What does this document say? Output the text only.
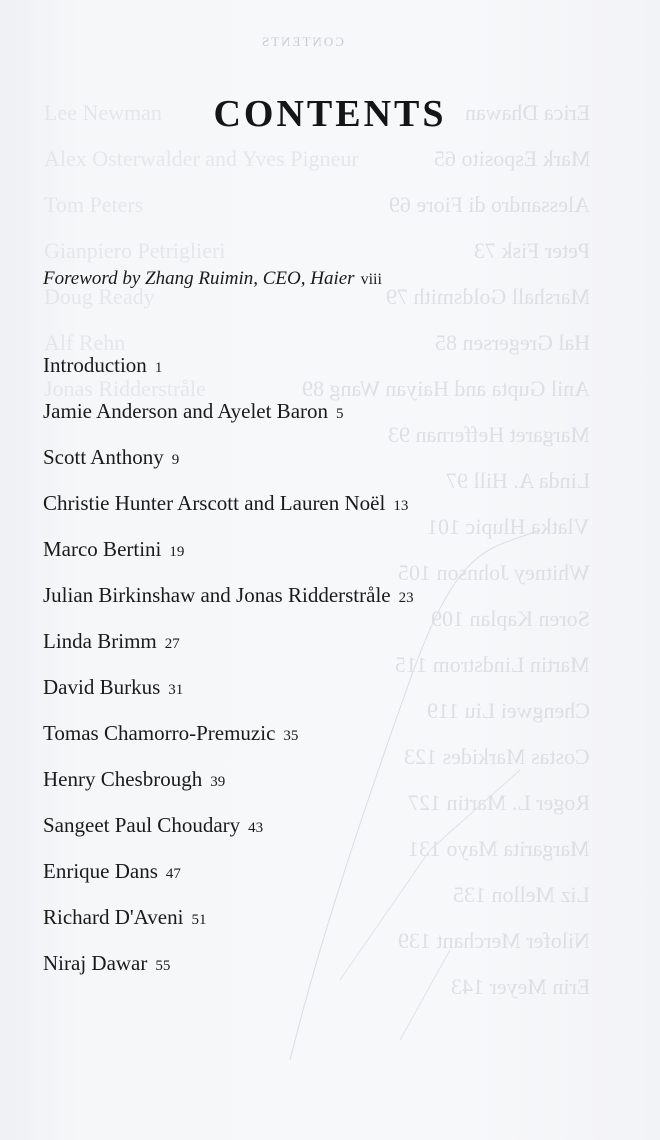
Erica Dhawan
Mark Esposito 65
Alessandro di Fiore 69
Peter Fisk 73
Marshall Goldsmith 79
Hal Gregersen 85
Anil Gupta and Haiyan Wang 89
Margaret Heffernan 93
Linda A. Hill 97
Vlatka Hlupic 101
Whitney Johnson 105
Soren Kaplan 109
Martin Lindstrom 115
Chengwei Liu 119
Costas Markides 123
Roger L. Martin 127
Margarita Mayo 131
Liz Mellon 135
Nilofer Merchant 139
Erin Meyer 143
Lee Newman
Alex Osterwalder and Yves Pigneur
Tom Peters
Gianpiero Petriglieri
Doug Ready
Alf Rehn
Jonas Ridderstråle
CONTENTS
CONTENTS
Foreword by Zhang Ruimin, CEO, Haier viii
Introduction 1
Jamie Anderson and Ayelet Baron 5
Scott Anthony 9
Christie Hunter Arscott and Lauren Noël 13
Marco Bertini 19
Julian Birkinshaw and Jonas Ridderstråle 23
Linda Brimm 27
David Burkus 31
Tomas Chamorro-Premuzic 35
Henry Chesbrough 39
Sangeet Paul Choudary 43
Enrique Dans 47
Richard D'Aveni 51
Niraj Dawar 55
